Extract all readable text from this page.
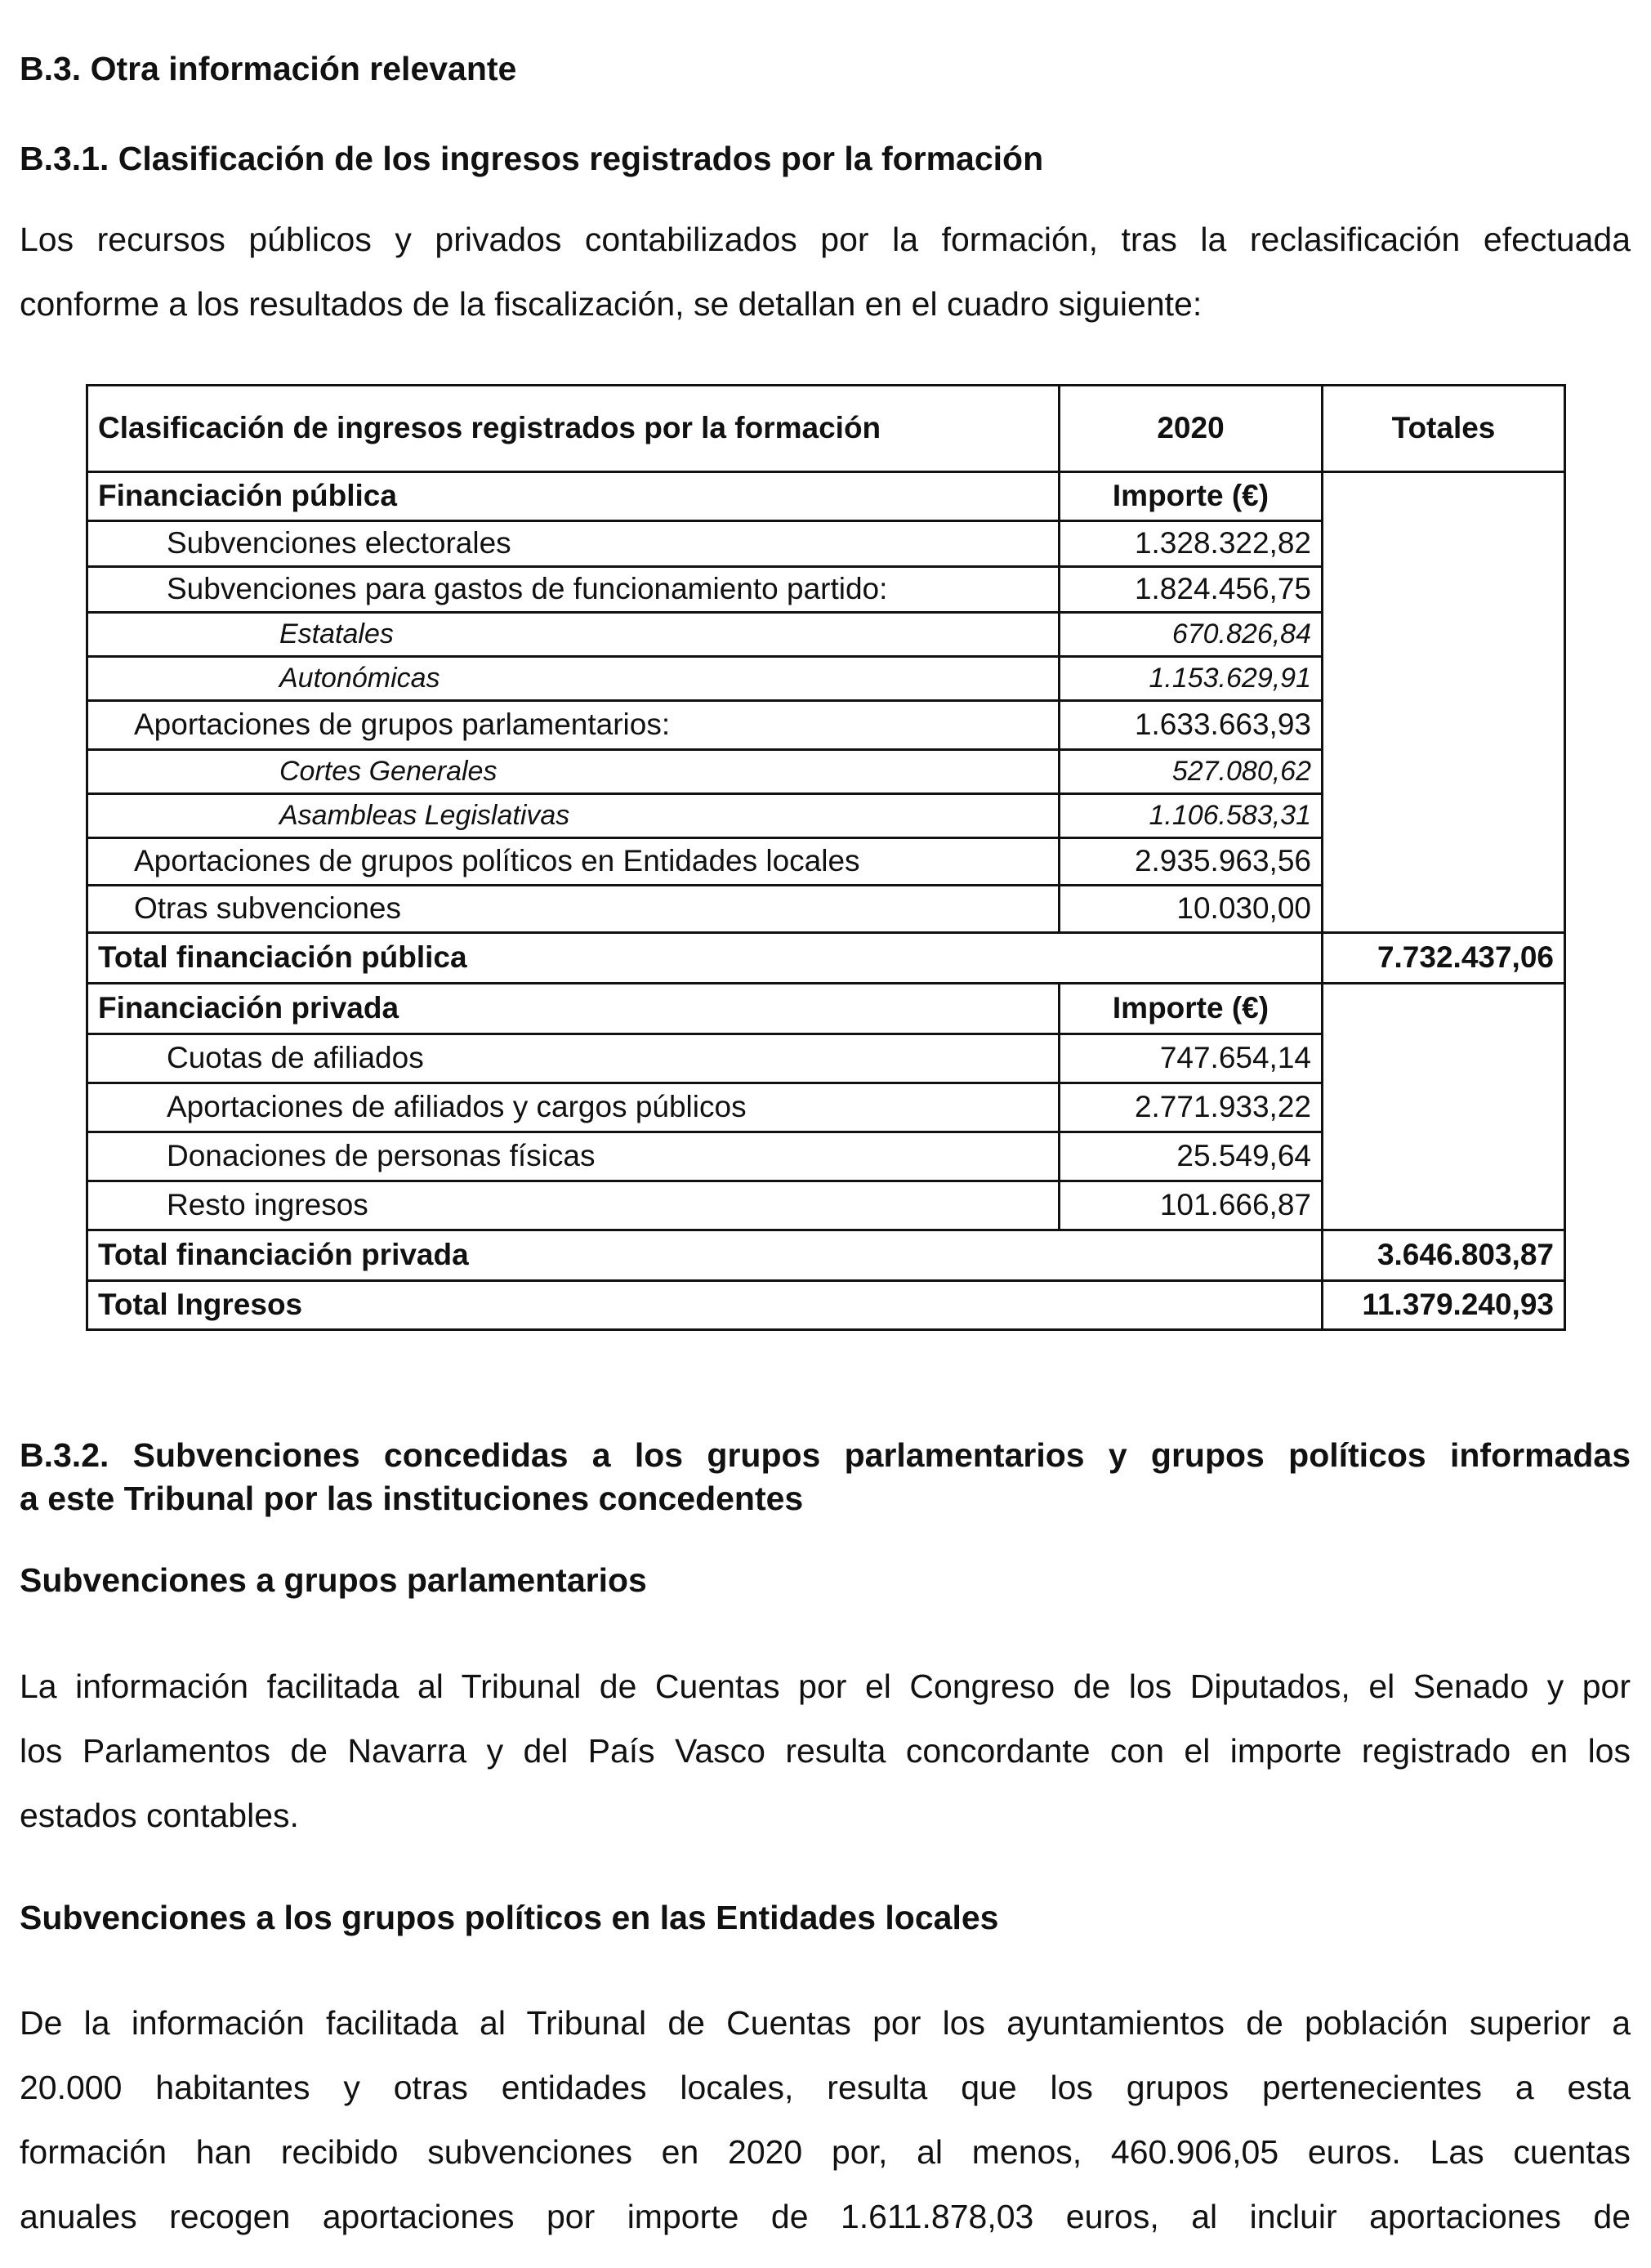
B.3. Otra información relevante
B.3.1. Clasificación de los ingresos registrados por la formación

Los recursos públicos y privados contabilizados por la formación, tras la reclasificación efectuada

conforme a los resultados de la fiscalización, se detallan en el cuadro siguiente:

Clasificación de ingresos registrados por la formación	2020	Totales
Financiación pública	Importe (€)	
Subvenciones electorales	1.328.322,82	
Subvenciones para gastos de funcionamiento partido:	1.824.456,75	
Estatales	670.826,84	
Autonómicas	1.153.629,91	
Aportaciones de grupos parlamentarios:	1.633.663,93	
Cortes Generales	527.080,62	
Asambleas Legislativas	1.106.583,31	
Aportaciones de grupos políticos en Entidades locales	2.935.963,56	
Otras subvenciones	10.030,00	
Total financiación pública		7.732.437,06
Financiación privada	Importe (€)	
Cuotas de afiliados	747.654,14	
Aportaciones de afiliados y cargos públicos	2.771.933,22	
Donaciones de personas físicas	25.549,64	
Resto ingresos	101.666,87	
Total financiación privada		3.646.803,87
Total Ingresos		11.379.240,93
B.3.2. Subvenciones concedidas a los grupos parlamentarios y grupos políticos informadas
a este Tribunal por las instituciones concedentes
Subvenciones a grupos parlamentarios

La información facilitada al Tribunal de Cuentas por el Congreso de los Diputados, el Senado y por

los Parlamentos de Navarra y del País Vasco resulta concordante con el importe registrado en los

estados contables.

Subvenciones a los grupos políticos en las Entidades locales

De la información facilitada al Tribunal de Cuentas por los ayuntamientos de población superior a

20.000 habitantes y otras entidades locales, resulta que los grupos pertenecientes a esta

formación han recibido subvenciones en 2020 por, al menos, 460.906,05 euros. Las cuentas

anuales recogen aportaciones por importe de 1.611.878,03 euros, al incluir aportaciones de
